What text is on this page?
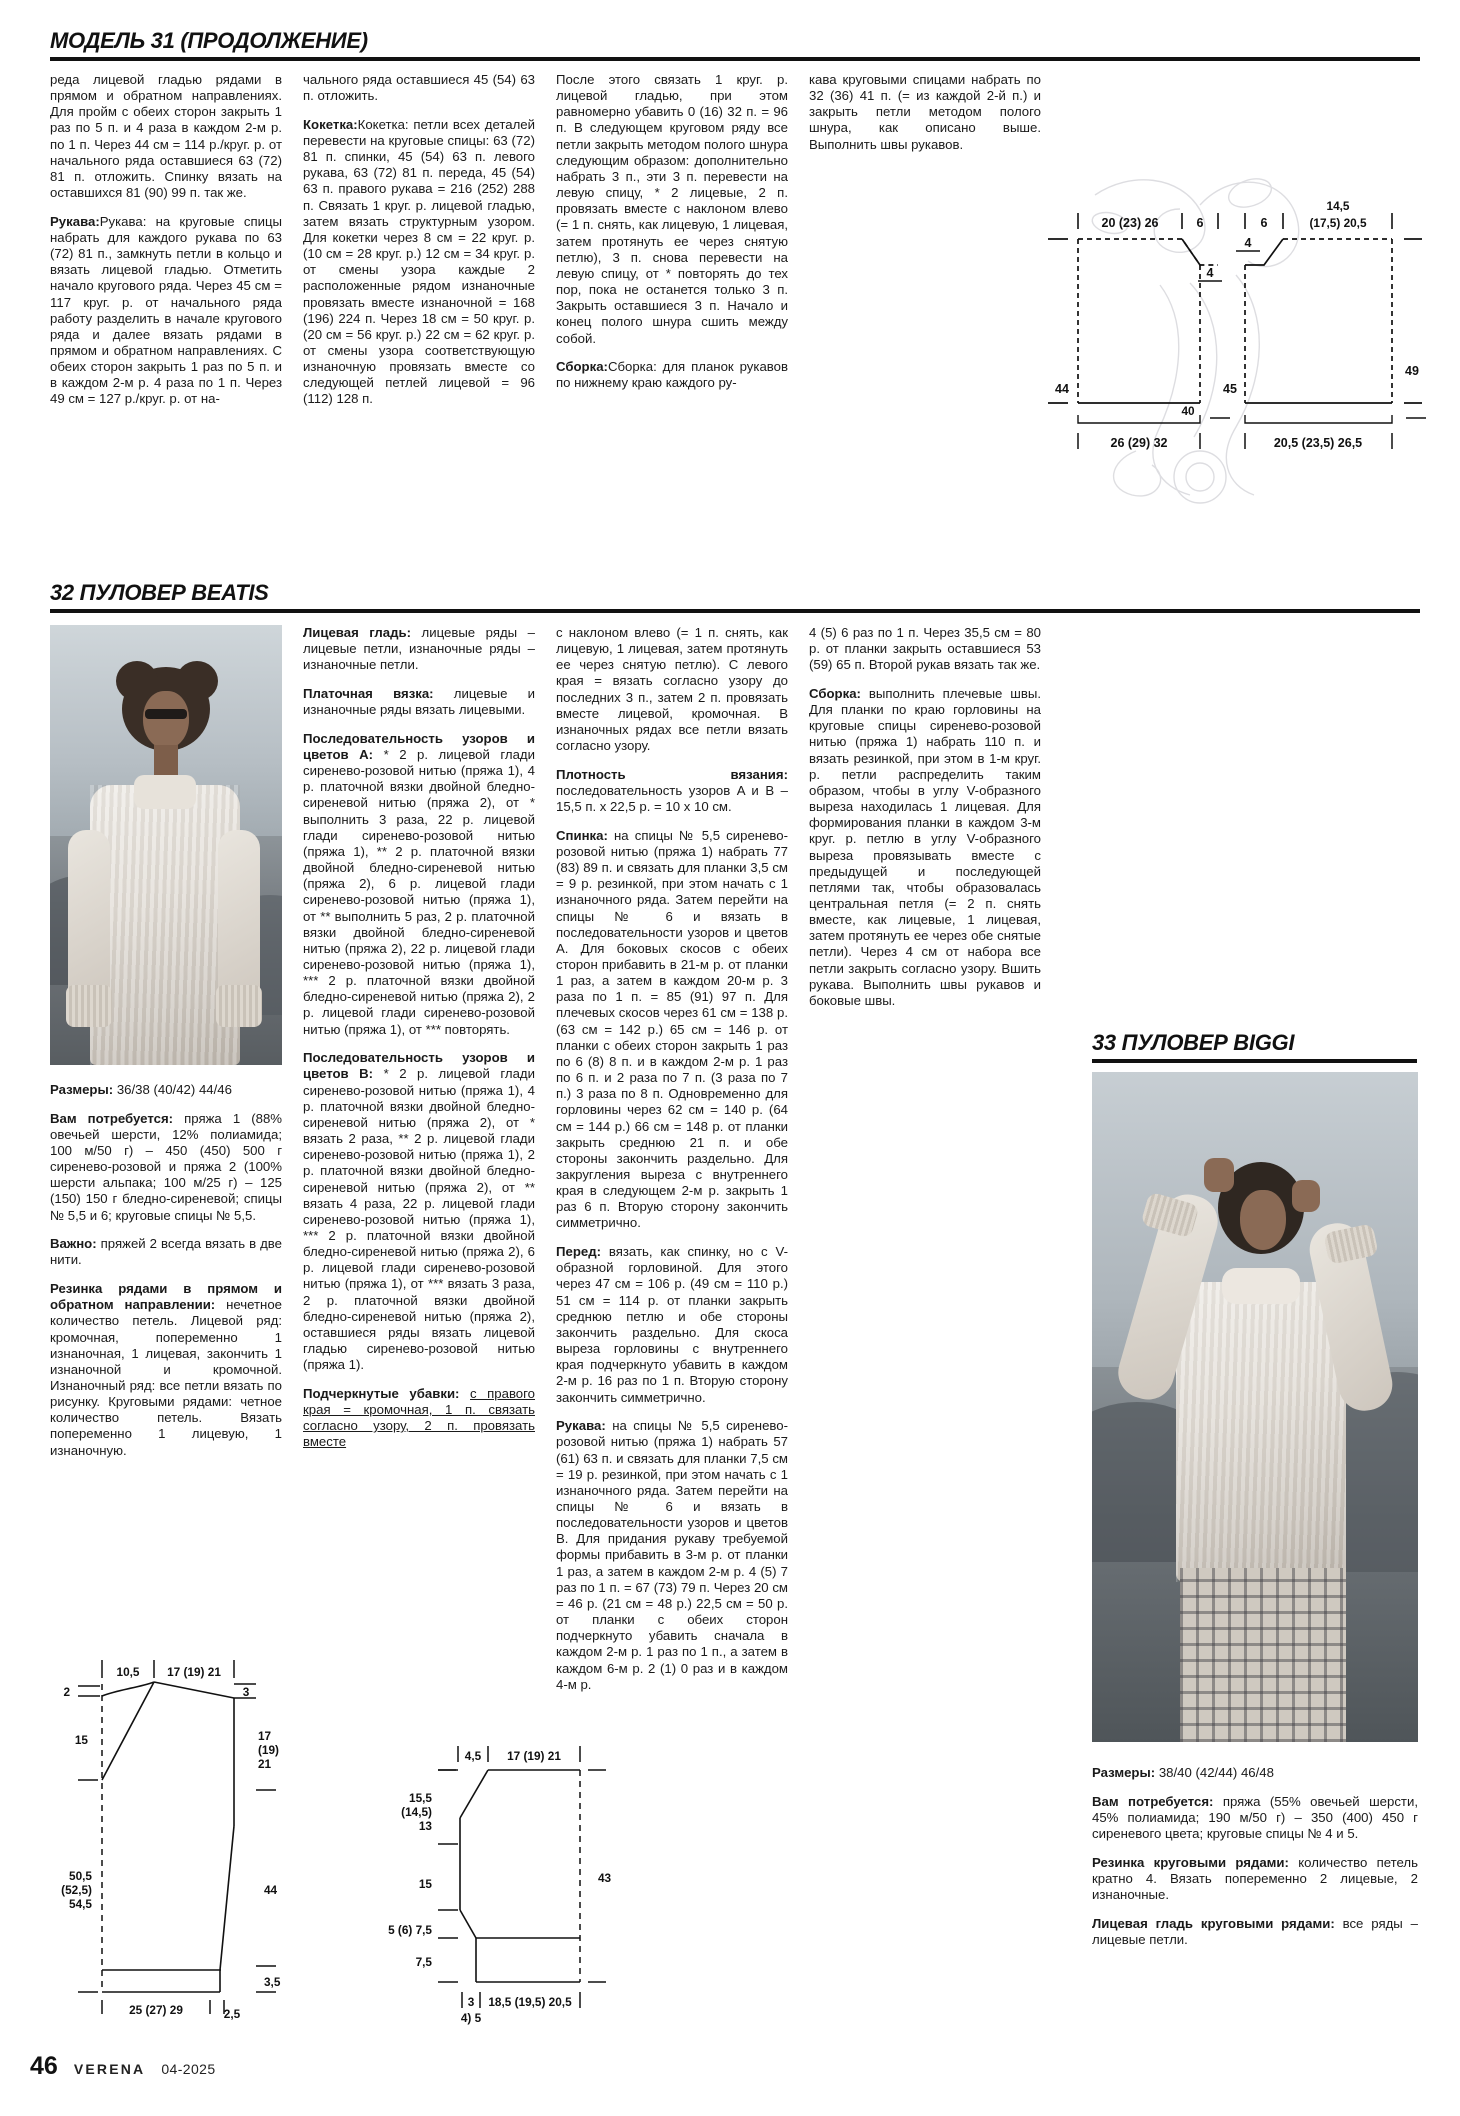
МОДЕЛЬ 31 (ПРОДОЛЖЕНИЕ)

реда лицевой гладью рядами в прямом и обратном направлениях. Для пройм с обеих сторон закрыть 1 раз по 5 п. и 4 раза в каждом 2-м р. по 1 п. Через 44 см = 114 р./круг. р. от начального ряда оставшиеся 63 (72) 81 п. отложить. Спинку вязать на оставшихся 81 (90) 99 п. так же.

Рукава:Рукава: на круговые спицы набрать для каждого рукава по 63 (72) 81 п., замкнуть петли в кольцо и вязать лицевой гладью. Отметить начало кругового ряда. Через 45 см = 117 круг. р. от начального ряда работу разделить в начале кругового ряда и далее вязать рядами в прямом и обратном направлениях. С обеих сторон закрыть 1 раз по 5 п. и в каждом 2-м р. 4 раза по 1 п. Через 49 см = 127 р./круг. р. от на-

чального ряда оставшиеся 45 (54) 63 п. отложить.

Кокетка:Кокетка: петли всех деталей перевести на круговые спицы: 63 (72) 81 п. спинки, 45 (54) 63 п. левого рукава, 63 (72) 81 п. переда, 45 (54) 63 п. правого рукава = 216 (252) 288 п. Связать 1 круг. р. лицевой гладью, затем вязать структурным узором. Для кокетки через 8 см = 22 круг. р. (10 см = 28 круг. р.) 12 см = 34 круг. р. от смены узора каждые 2 расположенные рядом изнаночные провязать вместе изнаночной = 168 (196) 224 п. Через 18 см = 50 круг. р. (20 см = 56 круг. р.) 22 см = 62 круг. р. от смены узора соответствующую изнаночную провязать вместе со следующей петлей лицевой = 96 (112) 128 п.

После этого связать 1 круг. р. лицевой гладью, при этом равномерно убавить 0 (16) 32 п. = 96 п. В следующем круговом ряду все петли закрыть методом полого шнура следующим образом: дополнительно набрать 3 п., эти 3 п. перевести на левую спицу, * 2 лицевые, 2 п. провязать вместе с наклоном влево (= 1 п. снять, как лицевую, 1 лицевая, затем протянуть ее через снятую петлю), 3 п. снова перевести на левую спицу, от * повторять до тех пор, пока не останется только 3 п. Закрыть оставшиеся 3 п. Начало и конец полого шнура сшить между собой.

Сборка:Сборка: для планок рукавов по нижнему краю каждого ру-

кава круговыми спицами набрать по 32 (36) 41 п. (= из каждой 2-й п.) и закрыть петли методом полого шнура, как описано выше. Выполнить швы рукавов.

20 (23) 26	6
4
44
40
26 (29) 32
6
14,5
(17,5) 20,5
4
45
49
20,5 (23,5) 26,5
32 ПУЛОВЕР BEATIS

Размеры: 36/38 (40/42) 44/46

Вам потребуется: пряжа 1 (88% овечьей шерсти, 12% полиамида; 100 м/50 г) – 450 (450) 500 г сиренево-розовой и пряжа 2 (100% шерсти альпака; 100 м/25 г) – 125 (150) 150 г бледно-сиреневой; спицы № 5,5 и 6; круговые спицы № 5,5.

Важно: пряжей 2 всегда вязать в две нити.

Резинка рядами в прямом и обратном направлении: нечетное количество петель. Лицевой ряд: кромочная, попеременно 1 изнаночная, 1 лицевая, закончить 1 изнаночной и кромочной. Изнаночный ряд: все петли вязать по рисунку. Круговыми рядами: четное количество петель. Вязать попеременно 1 лицевую, 1 изнаночную.

Лицевая гладь: лицевые ряды – лицевые петли, изнаночные ряды – изнаночные петли.

Платочная вязка: лицевые и изнаночные ряды вязать лицевыми.

Последовательность узоров и цветов A: * 2 р. лицевой глади сиренево-розовой нитью (пряжа 1), 4 р. платочной вязки двойной бледно-сиреневой нитью (пряжа 2), от * выполнить 3 раза, 22 р. лицевой глади сиренево-розовой нитью (пряжа 1), ** 2 р. платочной вязки двойной бледно-сиреневой нитью (пряжа 2), 6 р. лицевой глади сиренево-розовой нитью (пряжа 1), от ** выполнить 5 раз, 2 р. платочной вязки двойной бледно-сиреневой нитью (пряжа 2), 22 р. лицевой глади сиренево-розовой нитью (пряжа 1), *** 2 р. платочной вязки двойной бледно-сиреневой нитью (пряжа 2), 2 р. лицевой глади сиренево-розовой нитью (пряжа 1), от *** повторять.

Последовательность узоров и цветов B: * 2 р. лицевой глади сиренево-розовой нитью (пряжа 1), 4 р. платочной вязки двойной бледно-сиреневой нитью (пряжа 2), от * вязать 2 раза, ** 2 р. лицевой глади сиренево-розовой нитью (пряжа 1), 2 р. платочной вязки двойной бледно-сиреневой нитью (пряжа 2), от ** вязать 4 раза, 22 р. лицевой глади сиренево-розовой нитью (пряжа 1), *** 2 р. платочной вязки двойной бледно-сиреневой нитью (пряжа 2), 6 р. лицевой глади сиренево-розовой нитью (пряжа 1), от *** вязать 3 раза, 2 р. платочной вязки двойной бледно-сиреневой нитью (пряжа 2), оставшиеся ряды вязать лицевой гладью сиренево-розовой нитью (пряжа 1).

Подчеркнутые убавки: с правого края = кромочная, 1 п. связать согласно узору, 2 п. провязать вместе

с наклоном влево (= 1 п. снять, как лицевую, 1 лицевая, затем протянуть ее через снятую петлю). С левого края = вязать согласно узору до последних 3 п., затем 2 п. провязать вместе лицевой, кромочная. В изнаночных рядах все петли вязать согласно узору.

Плотность вязания: последовательность узоров A и B – 15,5 п. х 22,5 р. = 10 x 10 см.

Спинка: на спицы № 5,5 сиренево-розовой нитью (пряжа 1) набрать 77 (83) 89 п. и связать для планки 3,5 см = 9 р. резинкой, при этом начать с 1 изнаночного ряда. Затем перейти на спицы № 6 и вязать в последовательности узоров и цветов A. Для боковых скосов с обеих сторон прибавить в 21-м р. от планки 1 раз, а затем в каждом 20-м р. 3 раза по 1 п. = 85 (91) 97 п. Для плечевых скосов через 61 см = 138 р. (63 см = 142 р.) 65 см = 146 р. от планки с обеих сторон закрыть 1 раз по 6 (8) 8 п. и в каждом 2-м р. 1 раз по 6 п. и 2 раза по 7 п. (3 раза по 7 п.) 3 раза по 8 п. Одновременно для горловины через 62 см = 140 р. (64 см = 144 р.) 66 см = 148 р. от планки закрыть среднюю 21 п. и обе стороны закончить раздельно. Для закругления выреза с внутреннего края в следующем 2-м р. закрыть 1 раз 6 п. Вторую сторону закончить симметрично.

Перед: вязать, как спинку, но с V-образной горловиной. Для этого через 47 см = 106 р. (49 см = 110 р.) 51 см = 114 р. от планки закрыть среднюю петлю и обе стороны закончить раздельно. Для скоса выреза горловины с внутреннего края подчеркнуто убавить в каждом 2-м р. 16 раз по 1 п. Вторую сторону закончить симметрично.

Рукава: на спицы № 5,5 сиренево-розовой нитью (пряжа 1) набрать 57 (61) 63 п. и связать для планки 7,5 см = 19 р. резинкой, при этом начать с 1 изнаночного ряда. Затем перейти на спицы № 6 и вязать в последовательности узоров и цветов B. Для придания рукаву требуемой формы прибавить в 3-м р. от планки 1 раз, а затем в каждом 2-м р. 4 (5) 7 раз по 1 п. = 67 (73) 79 п. Через 20 см = 46 р. (21 см = 48 р.) 22,5 см = 50 р. от планки с обеих сторон подчеркнуто убавить сначала в каждом 2-м р. 1 раз по 1 п., а затем в каждом 6-м р. 2 (1) 0 раз и в каждом 4-м р.

4 (5) 6 раз по 1 п. Через 35,5 см = 80 р. от планки закрыть оставшиеся 53 (59) 65 п. Второй рукав вязать так же.

Сборка: выполнить плечевые швы. Для планки по краю горловины на круговые спицы сиренево-розовой нитью (пряжа 1) набрать 110 п. и вязать резинкой, при этом в 1-м круг. р. петли распределить таким образом, чтобы в углу V-образного выреза находилась 1 лицевая. Для формирования планки в каждом 3-м круг. р. петлю в углу V-образного выреза провязывать вместе с предыдущей и последующей петлями так, чтобы образовалась центральная петля (= 2 п. снять вместе, как лицевые, 1 лицевая, затем протянуть ее через обе снятые петли). Через 4 см от набора все петли закрыть согласно узору. Вшить рукава. Выполнить швы рукавов и боковые швы.

33 ПУЛОВЕР BIGGI

Размеры: 38/40 (42/44) 46/48

Вам потребуется: пряжа (55% овечьей шерсти, 45% полиамида; 190 м/50 г) – 350 (400) 450 г сиреневого цвета; круговые спицы № 4 и 5.

Резинка круговыми рядами: количество петель кратно 4. Вязать попеременно 2 лицевые, 2 изнаночные.

Лицевая гладь круговыми рядами: все ряды – лицевые петли.

10,5 17 (19) 21
2	3
15
50,5
(52,5)
54,5
17
(19)
21
44
3,5
25 (27) 29	2,5
4,5 17 (19) 21
15,5
(14,5)
13
15
5 (6) 7,5
7,5
43
3 18,5 (19,5) 20,5
4) 5
46 VERENA 04-2025
